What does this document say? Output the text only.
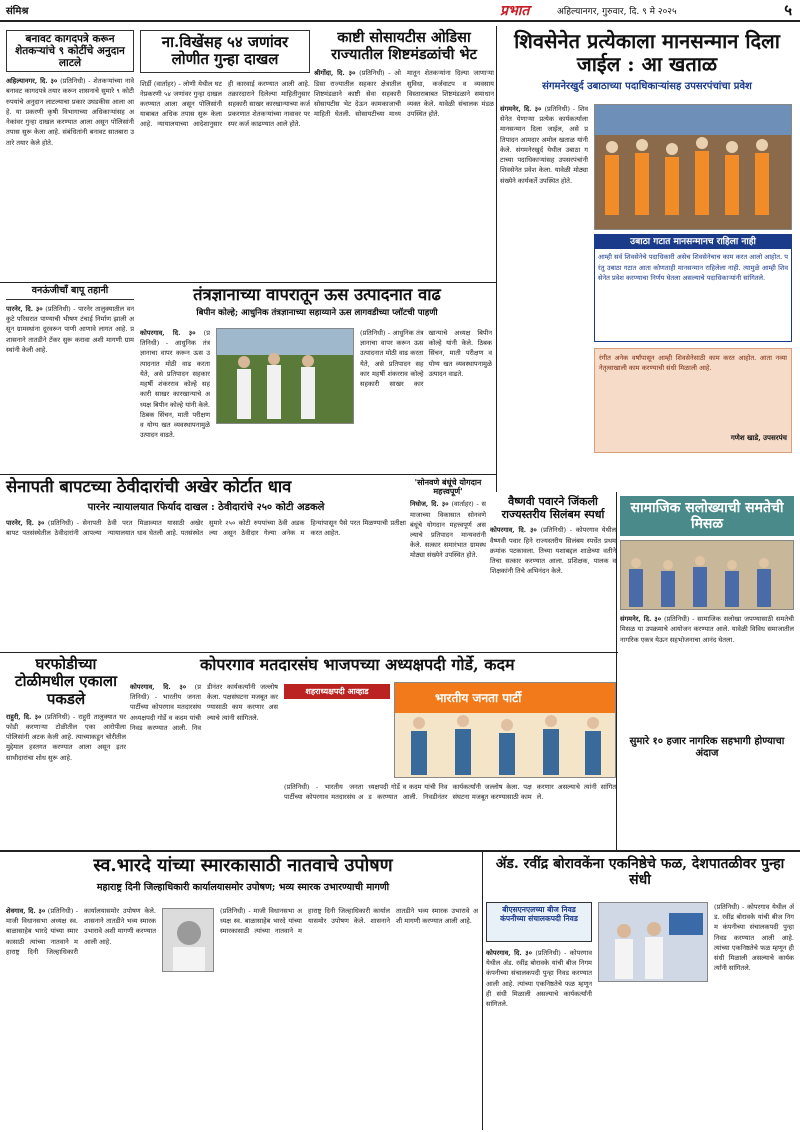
संमिश्र	प्रभात	अहिल्यानगर, गुरुवार, दि. ९ मे २०२५	५
बनावट कागदपत्रे करून शेतकऱ्यांचे ९ कोटींचे अनुदान लाटले
अहिल्यानगर, दि. ३० (प्रतिनिधी) - शेतकऱ्यांच्या नावे बनावट कागदपत्रे तयार करून शासनाचे सुमारे ९ कोटी रुपयांचे अनुदान लाटल्याचा प्रकार उघडकीस आला आहे. या प्रकरणी कृषी विभागाच्या अधिकाऱ्यांसह अनेकांवर गुन्हा दाखल करण्यात आला असून पोलिसांनी तपास सुरू केला आहे. संबंधितांनी बनावट सातबारा उतारे तयार केले होते.
ना.विखेंसह ५४ जणांवर लोणीत गुन्हा दाखल
शिर्डी (वार्ताहर) - लोणी येथील घटनेप्रकरणी ५४ जणांवर गुन्हा दाखल करण्यात आला असून पोलिसांनी याबाबत अधिक तपास सुरू केला आहे. न्यायालयाच्या आदेशानुसार ही कारवाई करण्यात आली आहे. तक्रारदाराने दिलेल्या माहितीनुसार सहकारी साखर कारखान्याच्या कर्ज प्रकरणात शेतकऱ्यांच्या नावावर परस्पर कर्ज काढण्यात आले होते.
काष्टी सोसायटीस ओडिसा राज्यातील शिष्टमंडळांची भेट
श्रीगोंदा, दि. ३० (प्रतिनिधी) - ओडिसा राज्यातील सहकार क्षेत्रातील शिष्टमंडळाने काष्टी सेवा सहकारी सोसायटीस भेट देऊन कामकाजाची माहिती घेतली. सोसायटीच्या माध्यमातून शेतकऱ्यांना दिल्या जाणाऱ्या सुविधा, कर्जवाटप व व्यवसाय विस्ताराबाबत शिष्टमंडळाने समाधान व्यक्त केले. यावेळी संचालक मंडळ उपस्थित होते.
शिवसेनेत प्रत्येकाला मानसन्मान दिला जाईल : आ खताळ
संगमनेरखुर्द उबाठाच्या पदाधिकाऱ्यांसह उपसरपंचांचा प्रवेश
संगमनेर, दि. ३० (प्रतिनिधी) - शिवसेनेत येणाऱ्या प्रत्येक कार्यकर्त्याला मानसन्मान दिला जाईल, असे प्रतिपादन आमदार अमोल खताळ यांनी केले. संगमनेरखुर्द येथील उबाठा गटाच्या पदाधिकाऱ्यांसह उपसरपंचांनी शिवसेनेत प्रवेश केला. यावेळी मोठ्या संख्येने कार्यकर्ते उपस्थित होते.
उबाठा गटात मानसन्मानच राहिला नाही
आम्ही सर्व शिवसेनेचे पदाधिकारी असेच शिवसेनेचाच काम करत आलो आहोत. परंतु उबाठा गटात आता कोणताही मानसन्मान राहिलेला नाही. त्यामुळे आम्ही शिवसेनेत प्रवेश करण्याचा निर्णय घेतला असल्याचे पदाधिकाऱ्यांनी सांगितले.
रंगीत अनेक वर्षांपासून आम्ही शिवसेनेसाठी काम करत आहोत. आता नव्या नेतृत्वाखाली काम करण्याची संधी मिळाली आहे.
गणेश खाडे, उपसरपंच
वनऊंजीचाँ बापू तहानी
पारनेर, दि. ३० (प्रतिनिधी) - पारनेर तालुक्यातील वनकुटे परिसरात पाण्याची भीषण टंचाई निर्माण झाली असून ग्रामस्थांना दूरवरून पाणी आणावे लागत आहे. प्रशासनाने तातडीने टँकर सुरू करावा अशी मागणी ग्रामस्थांनी केली आहे.
तंत्रज्ञानाच्या वापरातून ऊस उत्पादनात वाढ
बिपीन कोल्हे; आधुनिक तंत्रज्ञानाच्या सहाय्याने ऊस लागवडीच्या प्लॉटची पाहणी
कोपरगाव, दि. ३० (प्रतिनिधी) - आधुनिक तंत्रज्ञानाचा वापर करून ऊस उत्पादनात मोठी वाढ करता येते, असे प्रतिपादन सहकार महर्षी शंकरराव कोल्हे सहकारी साखर कारखान्याचे अध्यक्ष बिपीन कोल्हे यांनी केले. ठिबक सिंचन, माती परीक्षण व योग्य खत व्यवस्थापनामुळे उत्पादन वाढते.
(प्रतिनिधी) - आधुनिक तंत्रज्ञानाचा वापर करून ऊस उत्पादनात मोठी वाढ करता येते, असे प्रतिपादन सहकार महर्षी शंकरराव कोल्हे सहकारी साखर कारखान्याचे अध्यक्ष बिपीन कोल्हे यांनी केले. ठिबक सिंचन, माती परीक्षण व योग्य खत व्यवस्थापनामुळे उत्पादन वाढते.
सेनापती बापटच्या ठेवीदारांची अखेर कोर्टात धाव
पारनेर न्यायालयात फिर्याद दाखल : ठेवीदारांचे २५० कोटी अडकले
पारनेर, दि. ३० (प्रतिनिधी) - सेनापती बापट पतसंस्थेतील ठेवीदारांनी आपल्या ठेवी परत मिळाव्यात यासाठी अखेर न्यायालयात धाव घेतली आहे. पतसंस्थेत सुमारे २५० कोटी रुपयांच्या ठेवी अडकल्या असून ठेवीदार गेल्या अनेक महिन्यांपासून पैसे परत मिळण्याची प्रतीक्षा करत आहेत.
'सोनवणे बंधूंचे योगदान महत्त्वपूर्ण'
निघोज, दि. ३० (वार्ताहर) - समाजाच्या विकासात सोनवणे बंधूंचे योगदान महत्त्वपूर्ण असल्याचे प्रतिपादन मान्यवरांनी केले. सत्कार समारंभात ग्रामस्थ मोठ्या संख्येने उपस्थित होते.
वैष्णवी पवारने जिंकली राज्यस्तरीय सिलंबम स्पर्धा
कोपरगाव, दि. ३० (प्रतिनिधी) - कोपरगाव येथील वैष्णवी पवार हिने राज्यस्तरीय सिलंबम स्पर्धेत प्रथम क्रमांक पटकावला. तिच्या यशाबद्दल शाळेच्या वतीने तिचा सत्कार करण्यात आला. प्रशिक्षक, पालक व शिक्षकांनी तिचे अभिनंदन केले.
सामाजिक सलोख्याची समतेची मिसळ
संगमनेर, दि. ३० (प्रतिनिधी) - सामाजिक सलोखा जपण्यासाठी समतेची मिसळ या उपक्रमाचे आयोजन करण्यात आले. यावेळी विविध समाजातील नागरिक एकत्र येऊन सहभोजनाचा आनंद घेतला.
सुमारे १० हजार नागरिक सहभागी होण्याचा अंदाज
घरफोडीच्या टोळीमधील एकाला पकडले
राहुरी, दि. ३० (प्रतिनिधी) - राहुरी तालुक्यात घरफोडी करणाऱ्या टोळीतील एका आरोपीला पोलिसांनी अटक केली आहे. त्याच्याकडून चोरीतील मुद्देमाल हस्तगत करण्यात आला असून इतर साथीदारांचा शोध सुरू आहे.
कोपरगाव मतदारसंघ भाजपच्या अध्यक्षपदी गोर्डे, कदम
कोपरगाव, दि. ३० (प्रतिनिधी) - भारतीय जनता पार्टीच्या कोपरगाव मतदारसंघ अध्यक्षपदी गोर्डे व कदम यांची निवड करण्यात आली. निवडीनंतर कार्यकर्त्यांनी जल्लोष केला. पक्षसंघटना मजबूत करण्यासाठी काम करणार असल्याचे त्यांनी सांगितले.
शहराध्यक्षपदी आव्हाड	भारतीय जनता पार्टी
(प्रतिनिधी) - भारतीय जनता पार्टीच्या कोपरगाव मतदारसंघ अध्यक्षपदी गोर्डे व कदम यांची निवड करण्यात आली. निवडीनंतर कार्यकर्त्यांनी जल्लोष केला. पक्षसंघटना मजबूत करण्यासाठी काम करणार असल्याचे त्यांनी सांगितले.
स्व.भारदे यांच्या स्मारकासाठी नातवाचे उपोषण
महाराष्ट्र दिनी जिल्हाधिकारी कार्यालयासमोर उपोषण; भव्य स्मारक उभारण्याची मागणी
शेवगाव, दि. ३० (प्रतिनिधी) - माजी विधानसभा अध्यक्ष स्व. बाळासाहेब भारदे यांच्या स्मारकासाठी त्यांच्या नातवाने महाराष्ट्र दिनी जिल्हाधिकारी कार्यालयासमोर उपोषण केले. शासनाने तातडीने भव्य स्मारक उभारावे अशी मागणी करण्यात आली आहे.
(प्रतिनिधी) - माजी विधानसभा अध्यक्ष स्व. बाळासाहेब भारदे यांच्या स्मारकासाठी त्यांच्या नातवाने महाराष्ट्र दिनी जिल्हाधिकारी कार्यालयासमोर उपोषण केले. शासनाने तातडीने भव्य स्मारक उभारावे अशी मागणी करण्यात आली आहे.
ॲड. रवींद्र बोरावकेंना एकनिष्ठेचे फळ, देशपातळीवर पुन्हा संधी
बीएसएनएलच्या बीज निवड कंपनीच्या संचालकपदी निवड
कोपरगाव, दि. ३० (प्रतिनिधी) - कोपरगाव येथील ॲड. रवींद्र बोरावके यांची बीज निगम कंपनीच्या संचालकपदी पुन्हा निवड करण्यात आली आहे. त्यांच्या एकनिष्ठतेचे फळ म्हणून ही संधी मिळाली असल्याचे कार्यकर्त्यांनी सांगितले.
(प्रतिनिधी) - कोपरगाव येथील ॲड. रवींद्र बोरावके यांची बीज निगम कंपनीच्या संचालकपदी पुन्हा निवड करण्यात आली आहे. त्यांच्या एकनिष्ठतेचे फळ म्हणून ही संधी मिळाली असल्याचे कार्यकर्त्यांनी सांगितले.
